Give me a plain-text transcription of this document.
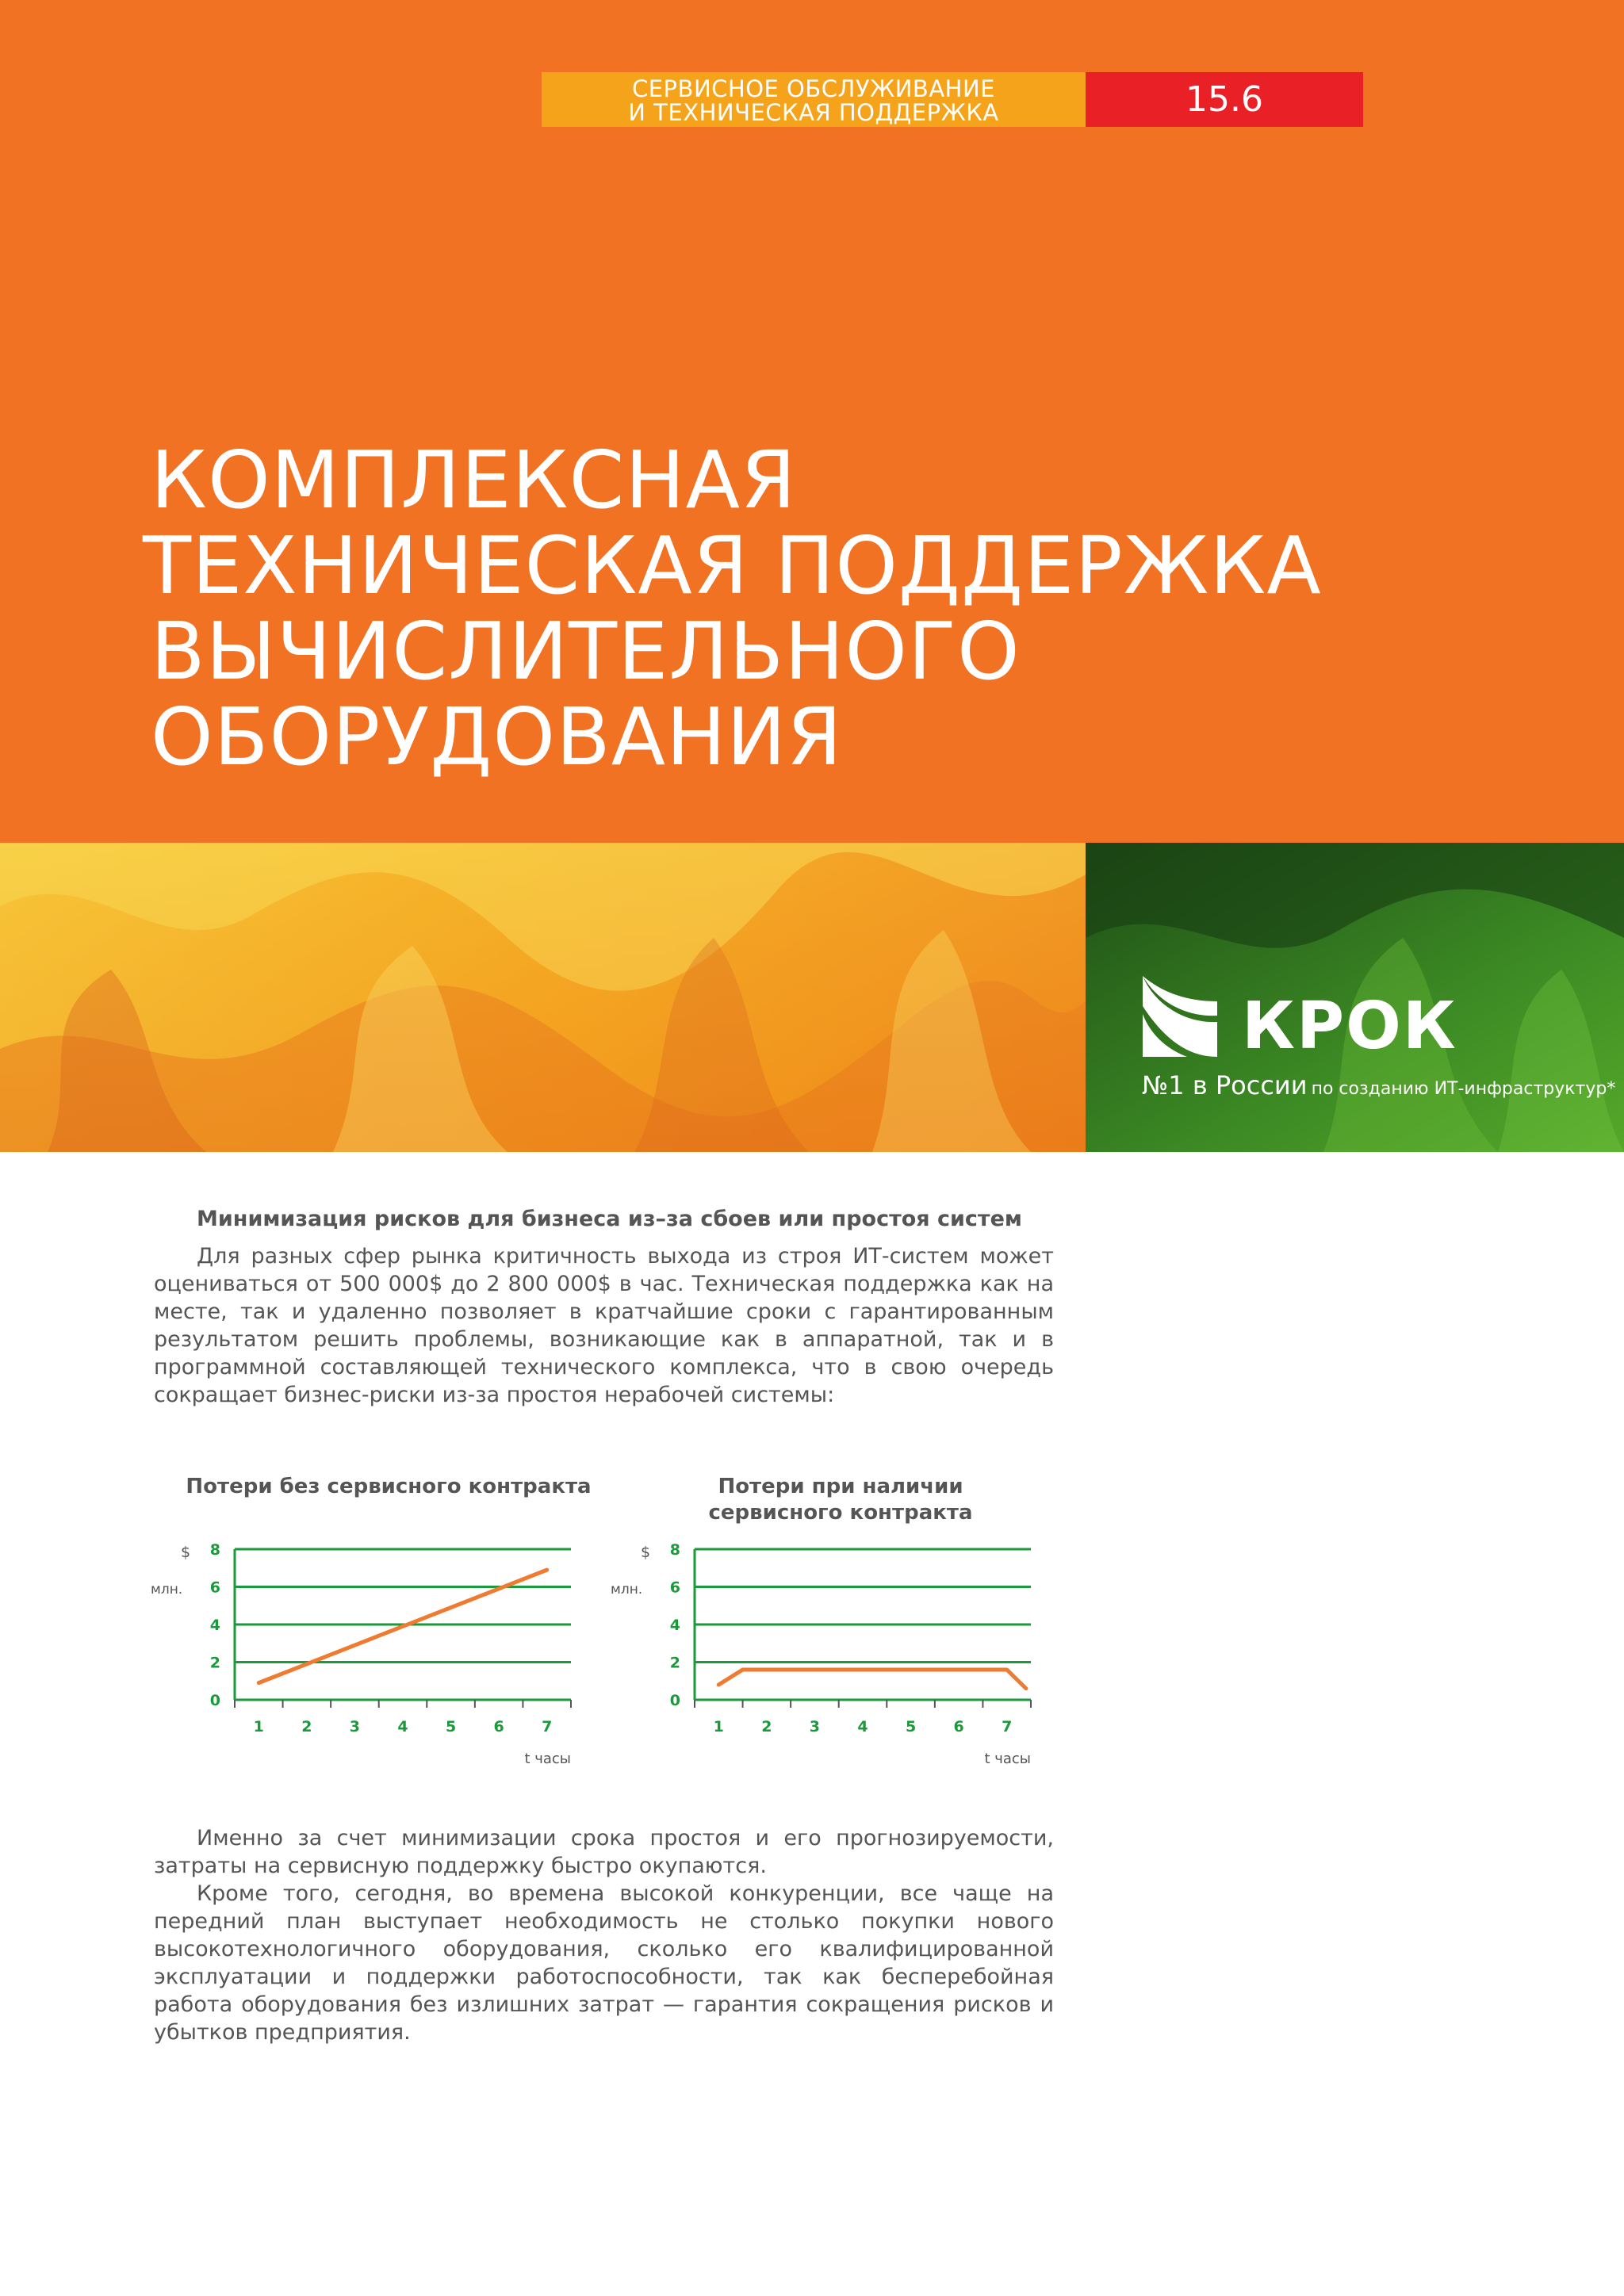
СЕРВИСНОЕ ОБСЛУЖИВАНИЕ
И ТЕХНИЧЕСКАЯ ПОДДЕРЖКА	15.6
КОМПЛЕКСНАЯ
ТЕХНИЧЕСКАЯ ПОДДЕРЖКА
ВЫЧИСЛИТЕЛЬНОГО
ОБОРУДОВАНИЯ
КРОК
№1 в России по созданию ИТ-инфраструктур*
Минимизация рисков для бизнеса из–за сбоев или простоя систем

Для разных сфер рынка критичность выхода из строя ИТ-систем может оцениваться от 500 000$ до 2 800 000$ в час. Техническая поддержка как на месте, так и удаленно позволяет в кратчайшие сроки с гарантированным результатом решить проблемы, возникающие как в аппаратной, так и в программной составляющей технического комплекса, что в свою очередь сокращает бизнес-риски из-за простоя нерабочей системы:

Потери без сервисного контракта
$
млн.
0
2
4
6
8
1 2 3 4 5 6 7
t часы
Потери при наличии сервисного контракта
$
млн.
0
2
4
6
8
1 2 3 4 5 6 7
t часы

Именно за счет минимизации срока простоя и его прогнозируемости, затраты на сервисную поддержку быстро окупаются.

Кроме того, сегодня, во времена высокой конкуренции, все чаще на передний план выступает необходимость не столько покупки нового высокотехнологичного оборудования, сколько его квалифицированной эксплуатации и поддержки работоспособности, так как бесперебойная работа оборудования без излишних затрат — гарантия сокращения рисков и убытков предприятия.
